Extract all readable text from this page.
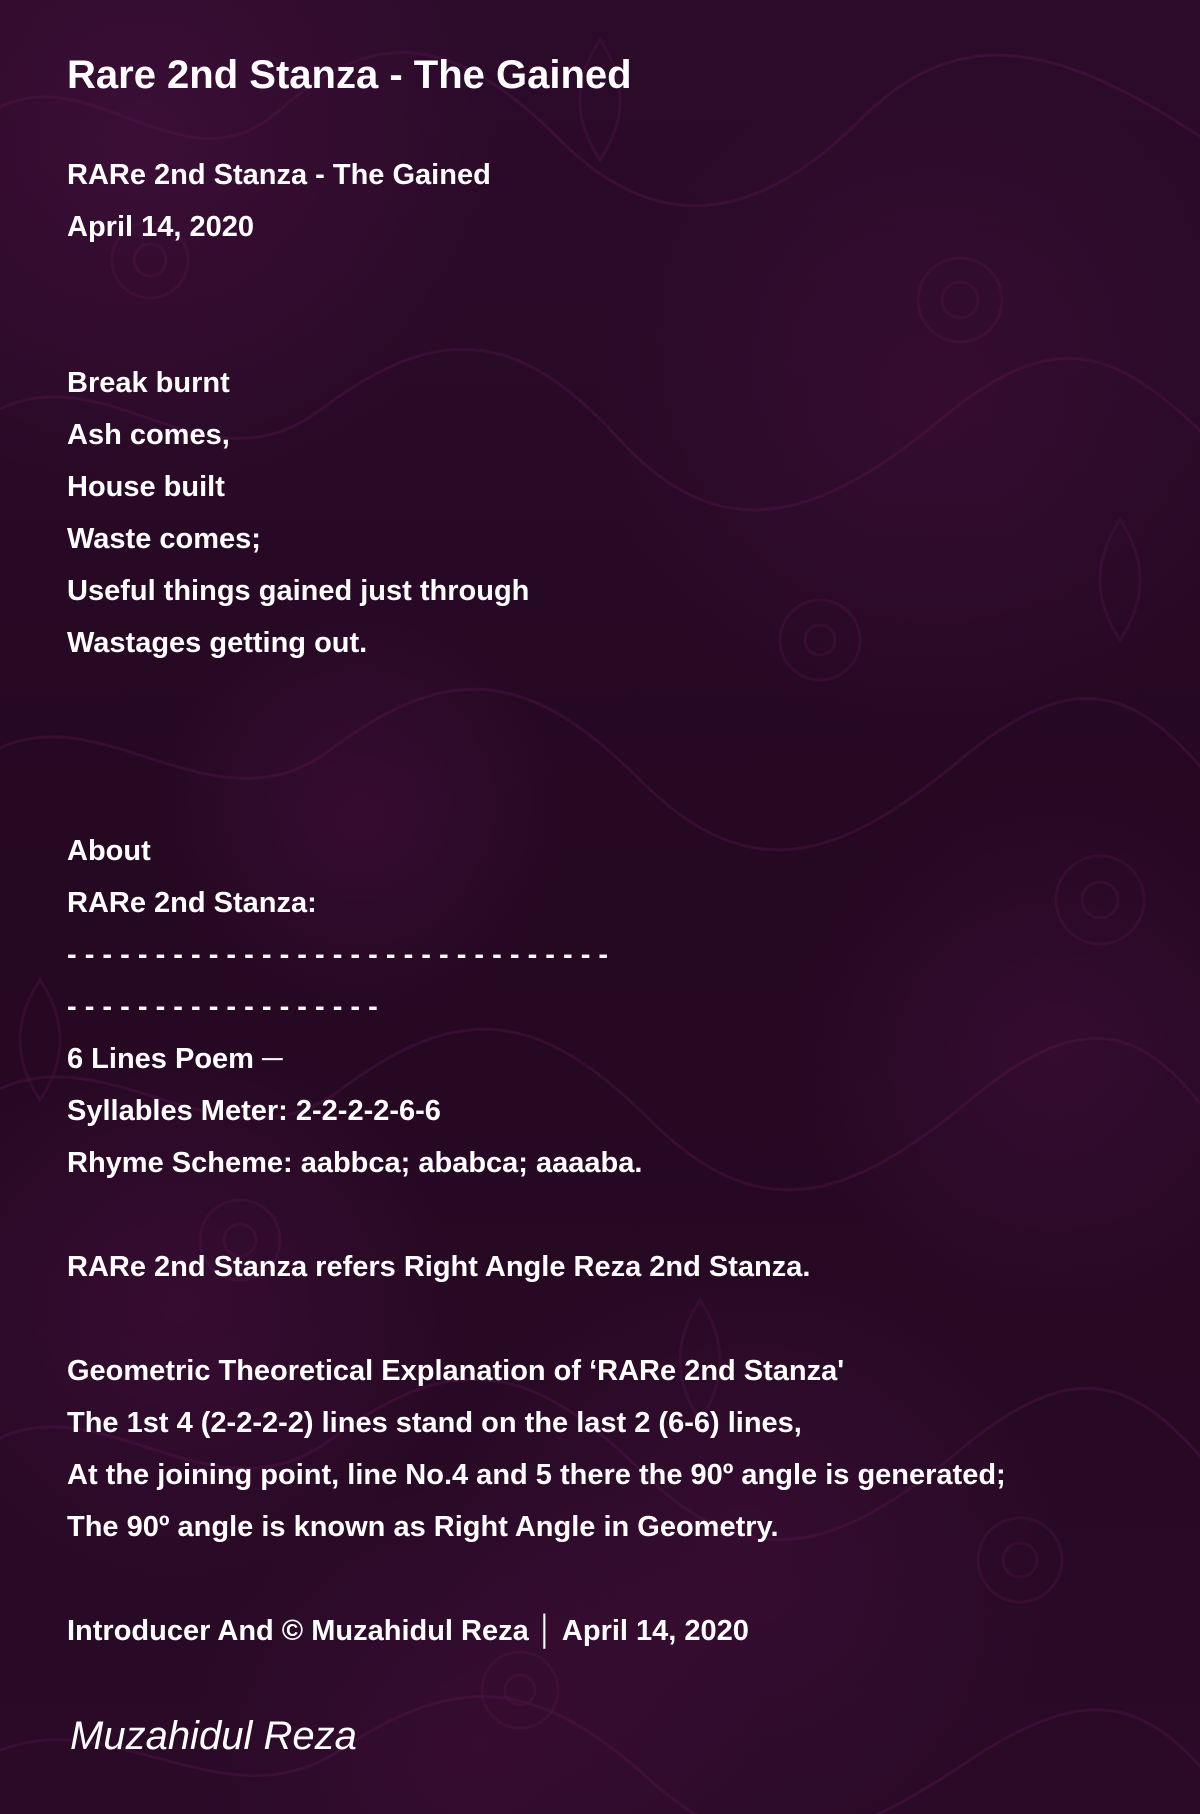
Rare 2nd Stanza - The Gained
RARe 2nd Stanza - The Gained
April 14, 2020
Break burnt
Ash comes,
House built
Waste comes;
Useful things gained just through
Wastages getting out.
About
RARe 2nd Stanza:
- - - - - - - - - - - - - - - - - - - - - - - - - - - - - - -
- - - - - - - - - - - - - - - - - -
6 Lines Poem ─
Syllables Meter: 2-2-2-2-6-6
Rhyme Scheme: aabbca; ababca; aaaaba.
RARe 2nd Stanza refers Right Angle Reza 2nd Stanza.
Geometric Theoretical Explanation of ‘RARe 2nd Stanza'
The 1st 4 (2-2-2-2) lines stand on the last 2 (6-6) lines,
At the joining point, line No.4 and 5 there the 90º angle is generated;
The 90º angle is known as Right Angle in Geometry.
Introducer And © Muzahidul Reza │ April 14, 2020

Muzahidul Reza
